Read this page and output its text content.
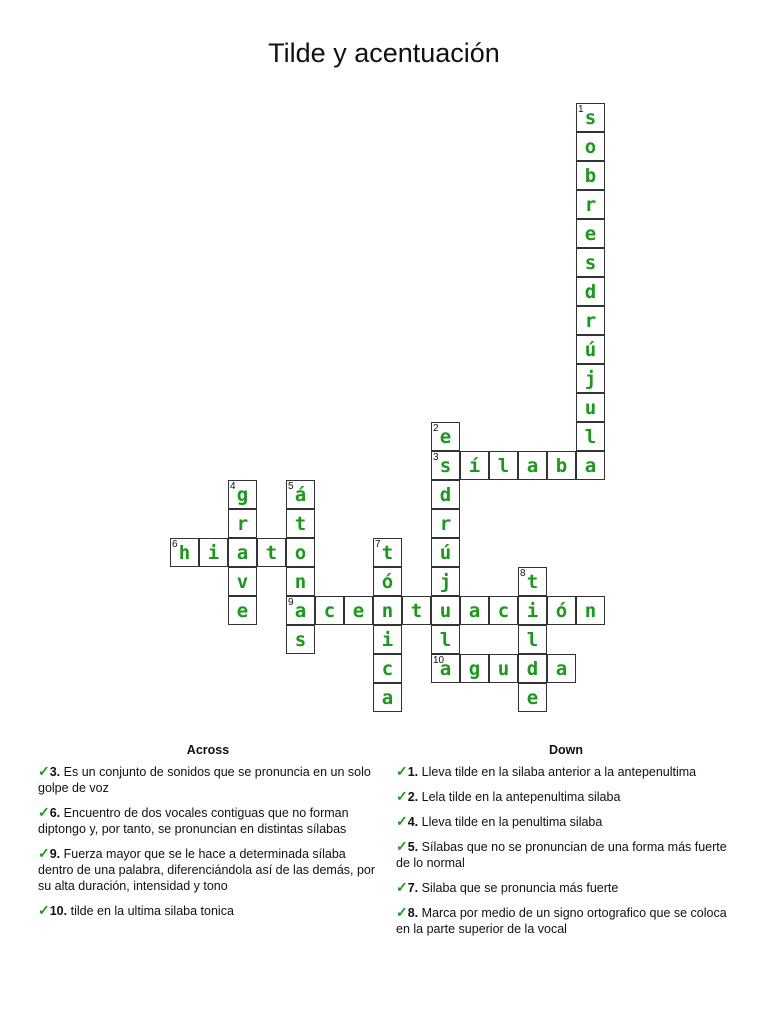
Tilde y acentuación
1 s
o
b
r
e
s
d
r
ú
j
u
l
a
2 e
3 s í l a b
d
r
ú
j
u
l
10
a
4 g
r
a
v
e
5 á
t
o
n
9 a
s
6 h i	t	7 t
ó
n
i
c
a
c e	t	a c i ó n
8 t
l
d
e
g u	a
Across
✓3. Es un conjunto de sonidos que se pronuncia en un solo golpe de voz
✓6. Encuentro de dos vocales contiguas que no forman diptongo y, por tanto, se pronuncian en distintas sílabas
✓9. Fuerza mayor que se le hace a determinada sílaba dentro de una palabra, diferenciándola así de las demás, por su alta duración, intensidad y tono
✓10. tilde en la ultima silaba tonica
Down
✓1. Lleva tilde en la silaba anterior a la antepenultima
✓2. Lela tilde en la antepenultima silaba
✓4. Lleva tilde en la penultima silaba
✓5. Sílabas que no se pronuncian de una forma más fuerte de lo normal
✓7. Silaba que se pronuncia más fuerte
✓8. Marca por medio de un signo ortografico que se coloca en la parte superior de la vocal
